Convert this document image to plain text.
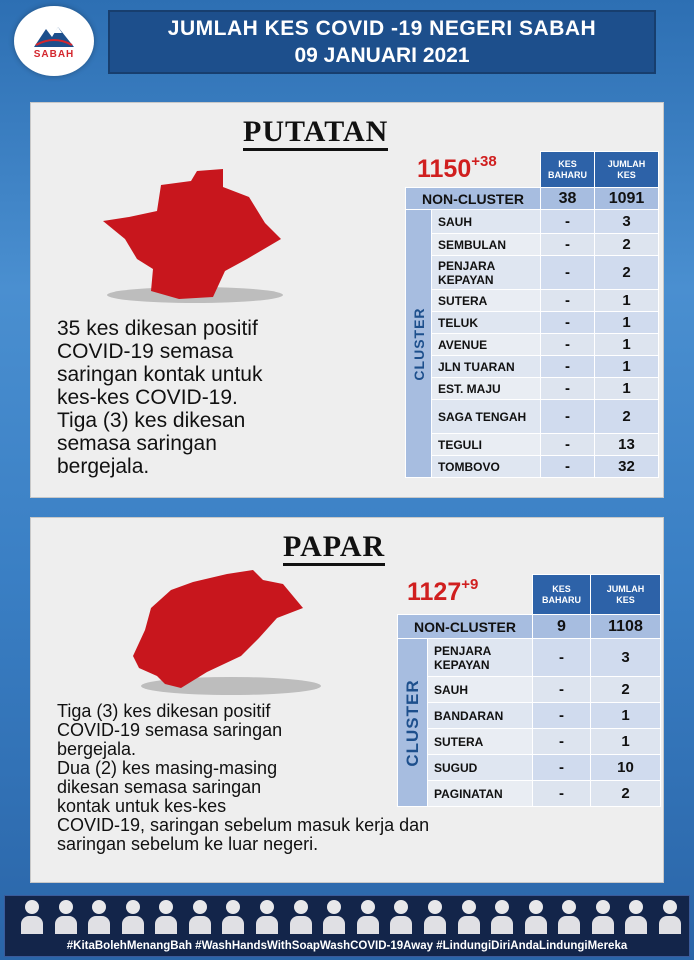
SABAH
JUMLAH KES COVID -19 NEGERI SABAH
09 JANUARI 2021
PUTATAN
35 kes dikesan positif
COVID-19 semasa
saringan kontak untuk
kes-kes COVID-19.
Tiga (3) kes dikesan
semasa saringan
bergejala.
$1150^{+38}$
		KES BAHARU	JUMLAH KES
NON-CLUSTER		38	1091

CLUSTER	SAUH	-	3
	SEMBULAN	-	2
	PENJARA KEPAYAN	-	2
	SUTERA	-	1
	TELUK	-	1
	AVENUE	-	1
	JLN TUARAN	-	1
	EST. MAJU	-	1
	SAGA TENGAH	-	2
	TEGULI	-	13
	TOMBOVO	-	32
PAPAR
Tiga (3) kes dikesan positif
COVID-19 semasa saringan
bergejala.
Dua (2) kes masing-masing
dikesan semasa saringan
kontak untuk kes-kes
COVID-19, saringan sebelum masuk kerja dan
saringan sebelum ke luar negeri.
$1127^{+9}$
		KES BAHARU	JUMLAH KES
NON-CLUSTER		9	1108

CLUSTER	PENJARA KEPAYAN	-	3
	SAUH	-	2
	BANDARAN	-	1
	SUTERA	-	1
	SUGUD	-	10
	PAGINATAN	-	2
#KitaBolehMenangBah #WashHandsWithSoapWashCOVID-19Away #LindungiDiriAndaLindungiMereka
